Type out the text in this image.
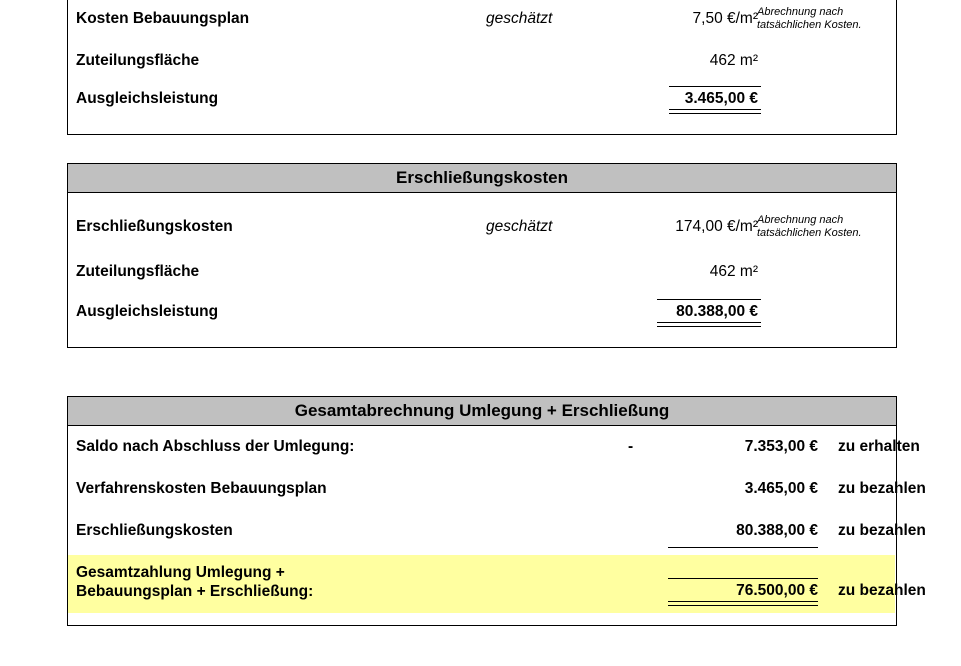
Kosten Bebauungsplan	geschätzt	7,50 €/m² Abrechnung nach
tatsächlichen Kosten.
Zuteilungsfläche	462 m²
Ausgleichsleistung	3.465,00 €
Erschließungskosten
Erschließungskosten	geschätzt	174,00 €/m² Abrechnung nach
tatsächlichen Kosten.
Zuteilungsfläche	462 m²
Ausgleichsleistung	80.388,00 €
Gesamtabrechnung Umlegung + Erschließung
Saldo nach Abschluss der Umlegung:	-	7.353,00 € zu erhalten
Verfahrenskosten Bebauungsplan	3.465,00 € zu bezahlen
Erschließungskosten	80.388,00 € zu bezahlen
Gesamtzahlung Umlegung +
Bebauungsplan + Erschließung:	76.500,00 € zu bezahlen
